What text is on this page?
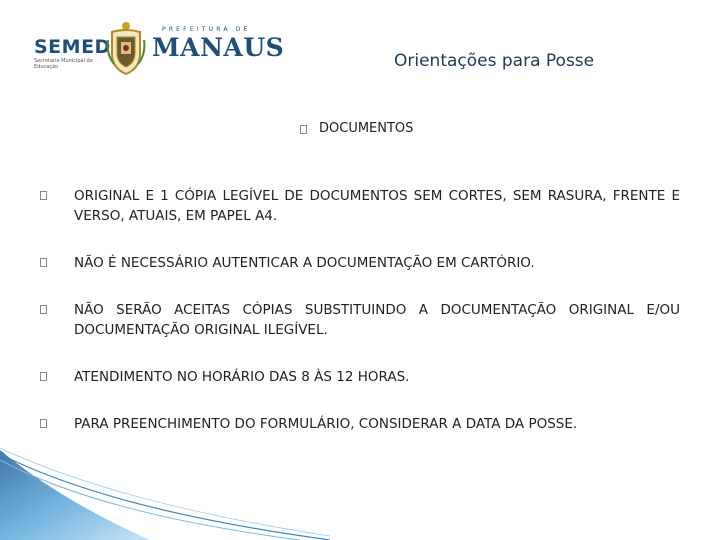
SEMED
Secretaria Municipal de Educação
PREFEITURA DE
MANAUS	Orientações para Posse
DOCUMENTOS
ORIGINAL E 1 CÓPIA LEGÍVEL DE DOCUMENTOS SEM CORTES, SEM RASURA, FRENTE E VERSO, ATUAIS, EM PAPEL A4.
NÃO É NECESSÁRIO AUTENTICAR A DOCUMENTAÇÃO EM CARTÓRIO.
NÃO SERÃO ACEITAS CÓPIAS SUBSTITUINDO A DOCUMENTAÇÃO ORIGINAL E/OU DOCUMENTAÇÃO ORIGINAL ILEGÍVEL.
ATENDIMENTO NO HORÁRIO DAS 8 ÀS 12 HORAS.
PARA PREENCHIMENTO DO FORMULÁRIO, CONSIDERAR A DATA DA POSSE.
